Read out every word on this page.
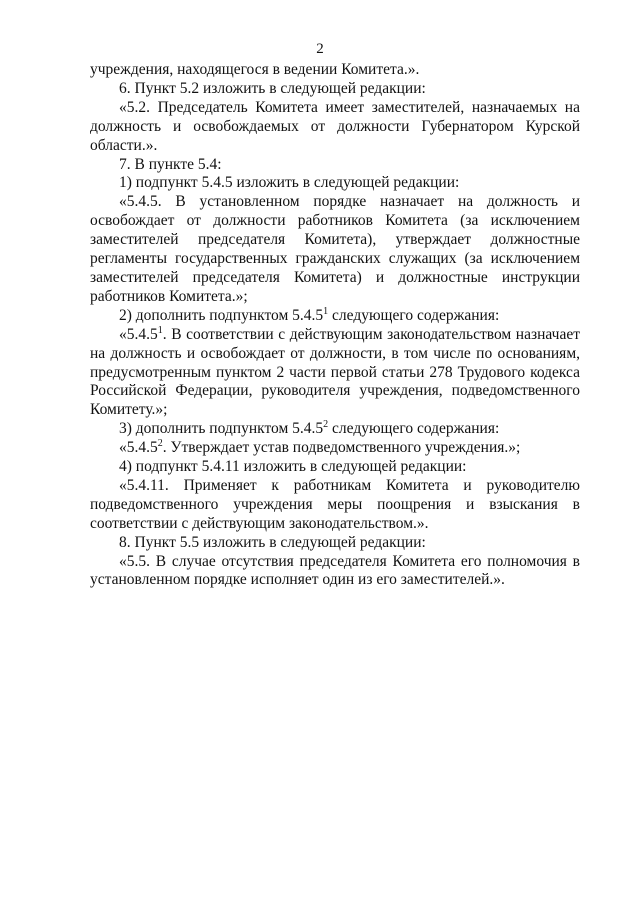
2

учреждения, находящегося в ведении Комитета.».

6. Пункт 5.2 изложить в следующей редакции:

«5.2. Председатель Комитета имеет заместителей, назначаемых на должность и освобождаемых от должности Губернатором Курской области.».

7. В пункте 5.4:

1) подпункт 5.4.5 изложить в следующей редакции:

«5.4.5. В установленном порядке назначает на должность и освобождает от должности работников Комитета (за исключением заместителей председателя Комитета), утверждает должностные регламенты государственных гражданских служащих (за исключением заместителей председателя Комитета) и должностные инструкции работников Комитета.»;

2) дополнить подпунктом 5.4.5$^1$ следующего содержания:

«5.4.5$^1$. В соответствии с действующим законодательством назначает на должность и освобождает от должности, в том числе по основаниям, предусмотренным пунктом 2 части первой статьи 278 Трудового кодекса Российской Федерации, руководителя учреждения, подведомственного Комитету.»;

3) дополнить подпунктом 5.4.5$^2$ следующего содержания:

«5.4.5$^2$. Утверждает устав подведомственного учреждения.»;

4) подпункт 5.4.11 изложить в следующей редакции:

«5.4.11. Применяет к работникам Комитета и руководителю подведомственного учреждения меры поощрения и взыскания в соответствии с действующим законодательством.».

8. Пункт 5.5 изложить в следующей редакции:

«5.5. В случае отсутствия председателя Комитета его полномочия в установленном порядке исполняет один из его заместителей.».
